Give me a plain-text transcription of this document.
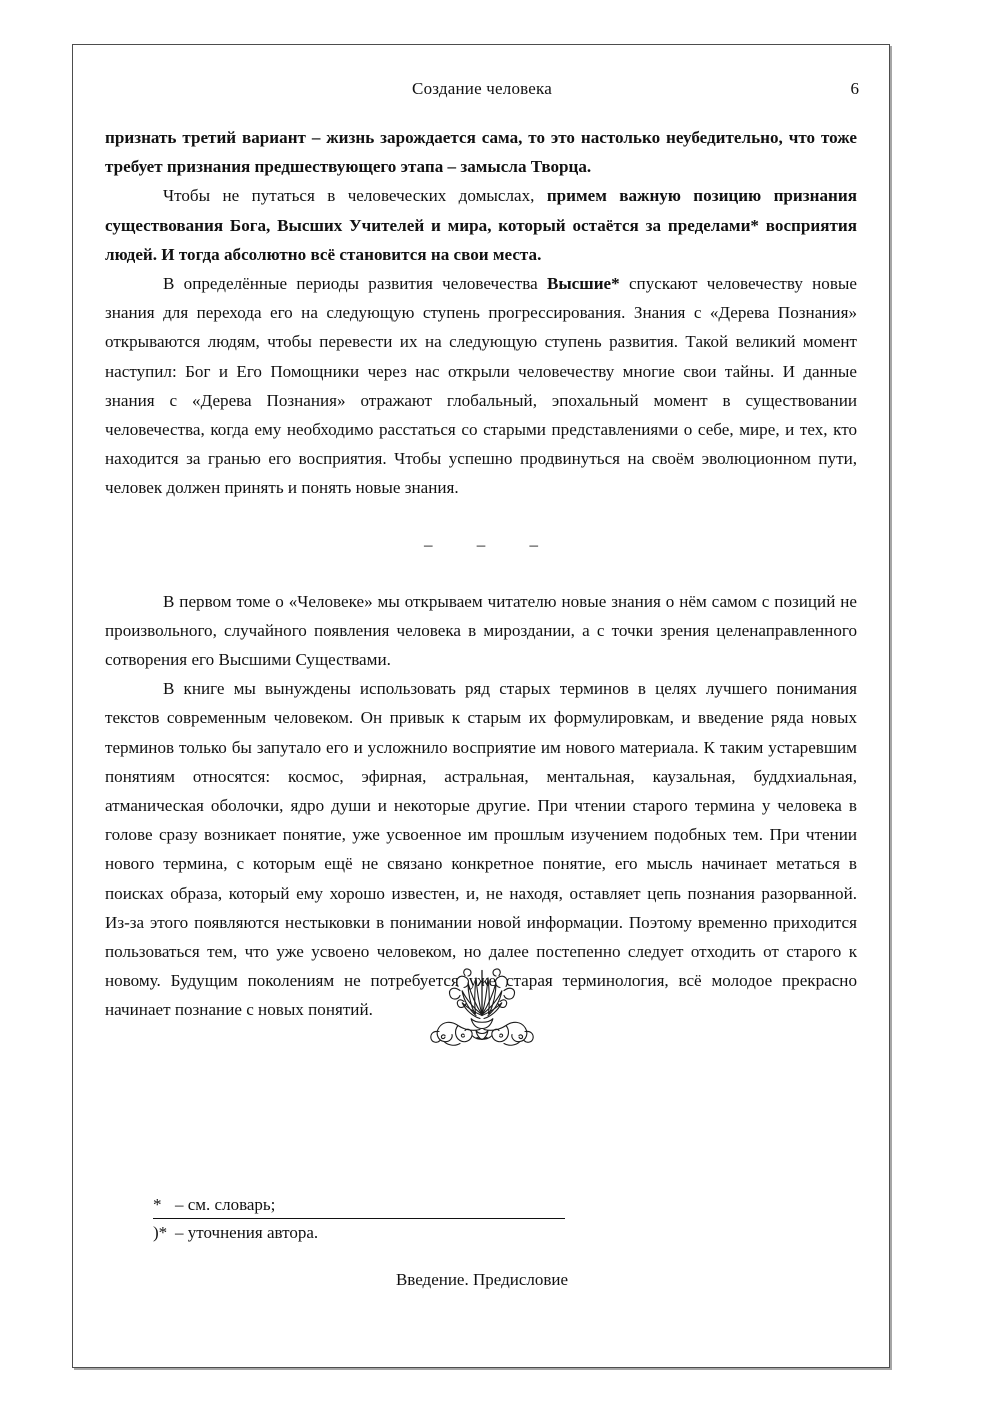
Создание человека	6

признать третий вариант – жизнь зарождается сама, то это настолько неубедительно, что тоже требует признания предшествующего этапа – замысла Творца.

Чтобы не путаться в человеческих домыслах, примем важную позицию признания существования Бога, Высших Учителей и мира, который остаётся за пределами* восприятия людей. И тогда абсолютно всё становится на свои места.

В определённые периоды развития человечества Высшие* спускают человечеству новые знания для перехода его на следующую ступень прогрессирования. Знания с «Дерева Познания» открываются людям, чтобы перевести их на следующую ступень развития. Такой великий момент наступил: Бог и Его Помощники через нас открыли человечеству многие свои тайны. И данные знания с «Дерева Познания» отражают глобальный, эпохальный момент в существовании человечества, когда ему необходимо расстаться со старыми представлениями о себе, мире, и тех, кто находится за гранью его восприятия. Чтобы успешно продвинуться на своём эволюционном пути, человек должен принять и понять новые знания.

– – –

В первом томе о «Человеке» мы открываем читателю новые знания о нём самом с позиций не произвольного, случайного появления человека в мироздании, а с точки зрения целенаправленного сотворения его Высшими Существами.

В книге мы вынуждены использовать ряд старых терминов в целях лучшего понимания текстов современным человеком. Он привык к старым их формулировкам, и введение ряда новых терминов только бы запутало его и усложнило восприятие им нового материала. К таким устаревшим понятиям относятся: космос, эфирная, астральная, ментальная, каузальная, буддхиальная, атманическая оболочки, ядро души и некоторые другие. При чтении старого термина у человека в голове сразу возникает понятие, уже усвоенное им прошлым изучением подобных тем. При чтении нового термина, с которым ещё не связано конкретное понятие, его мысль начинает метаться в поисках образа, который ему хорошо известен, и, не находя, оставляет цепь познания разорванной. Из-за этого появляются нестыковки в понимании новой информации. Поэтому временно приходится пользоваться тем, что уже усвоено человеком, но далее постепенно следует отходить от старого к новому. Будущим поколениям не потребуется уже старая терминология, всё молодое прекрасно начинает познание с новых понятий.

* – см. словарь;

)* – уточнения автора.

Введение. Предисловие
